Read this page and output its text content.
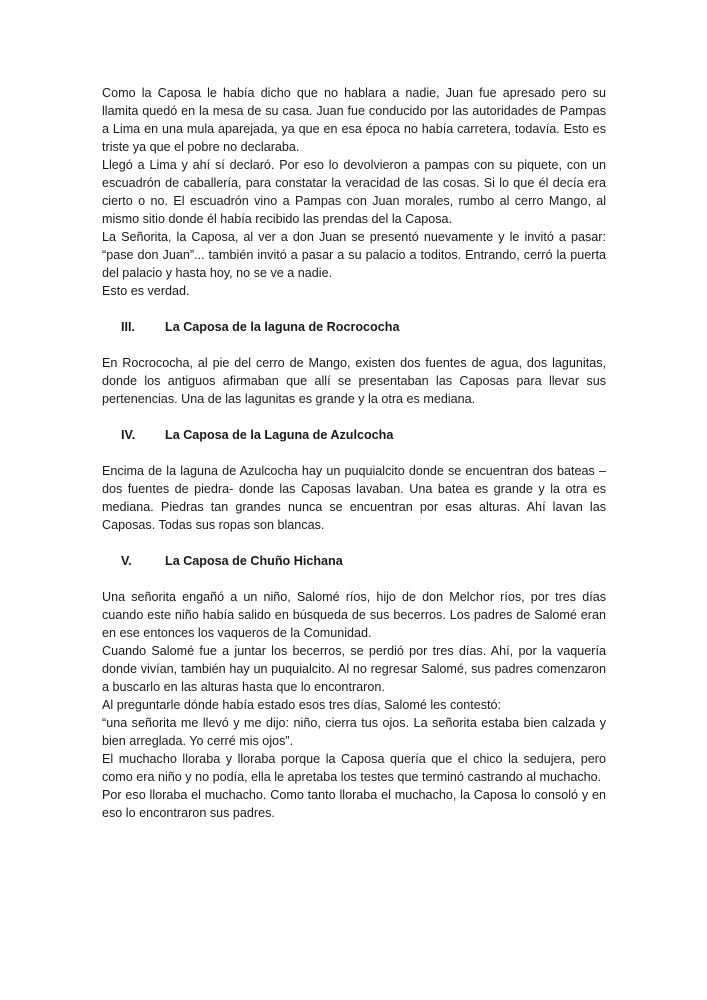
Como la Caposa le había dicho que no hablara a nadie, Juan fue apresado pero su llamita quedó en la mesa de su casa. Juan fue conducido por las autoridades de Pampas a Lima en una mula aparejada, ya que en esa época no había carretera, todavía. Esto es triste ya que el pobre no declaraba.

Llegó a Lima y ahí sí declaró. Por eso lo devolvieron a pampas con su piquete, con un escuadrón de caballería, para constatar la veracidad de las cosas. Si lo que él decía era cierto o no. El escuadrón vino a Pampas con Juan morales, rumbo al cerro Mango, al mismo sitio donde él había recibido las prendas del la Caposa.

La Señorita, la Caposa, al ver a don Juan se presentó nuevamente y le invitó a pasar: “pase don Juan”... también invitó a pasar a su palacio a toditos. Entrando, cerró la puerta del palacio y hasta hoy, no se ve a nadie.

Esto es verdad.

III.	La Caposa de la laguna de Rocrococha

En Rocrococha, al pie del cerro de Mango, existen dos fuentes de agua, dos lagunitas, donde los antiguos afirmaban que allí se presentaban las Caposas para llevar sus pertenencias. Una de las lagunitas es grande y la otra es mediana.

IV.	La Caposa de la Laguna de Azulcocha

Encima de la laguna de Azulcocha hay un puquialcito donde se encuentran dos bateas – dos fuentes de piedra- donde las Caposas lavaban. Una batea es grande y la otra es mediana. Piedras tan grandes nunca se encuentran por esas alturas. Ahí lavan las Caposas. Todas sus ropas son blancas.

V.	La Caposa de Chuño Hichana

Una señorita engañó a un niño, Salomé ríos, hijo de don Melchor ríos, por tres días cuando este niño había salido en búsqueda de sus becerros. Los padres de Salomé eran en ese entonces los vaqueros de la Comunidad.

Cuando Salomé fue a juntar los becerros, se perdió por tres días. Ahí, por la vaquería donde vivían, también hay un puquialcito. Al no regresar Salomé, sus padres comenzaron a buscarlo en las alturas hasta que lo encontraron.

Al preguntarle dónde había estado esos tres días, Salomé les contestó:

“una señorita me llevó y me dijo: niño, cierra tus ojos. La señorita estaba bien calzada y bien arreglada. Yo cerré mis ojos”.

El muchacho lloraba y lloraba porque la Caposa quería que el chico la sedujera, pero como era niño y no podía, ella le apretaba los testes que terminó castrando al muchacho.

Por eso lloraba el muchacho. Como tanto lloraba el muchacho, la Caposa lo consoló y en eso lo encontraron sus padres.
